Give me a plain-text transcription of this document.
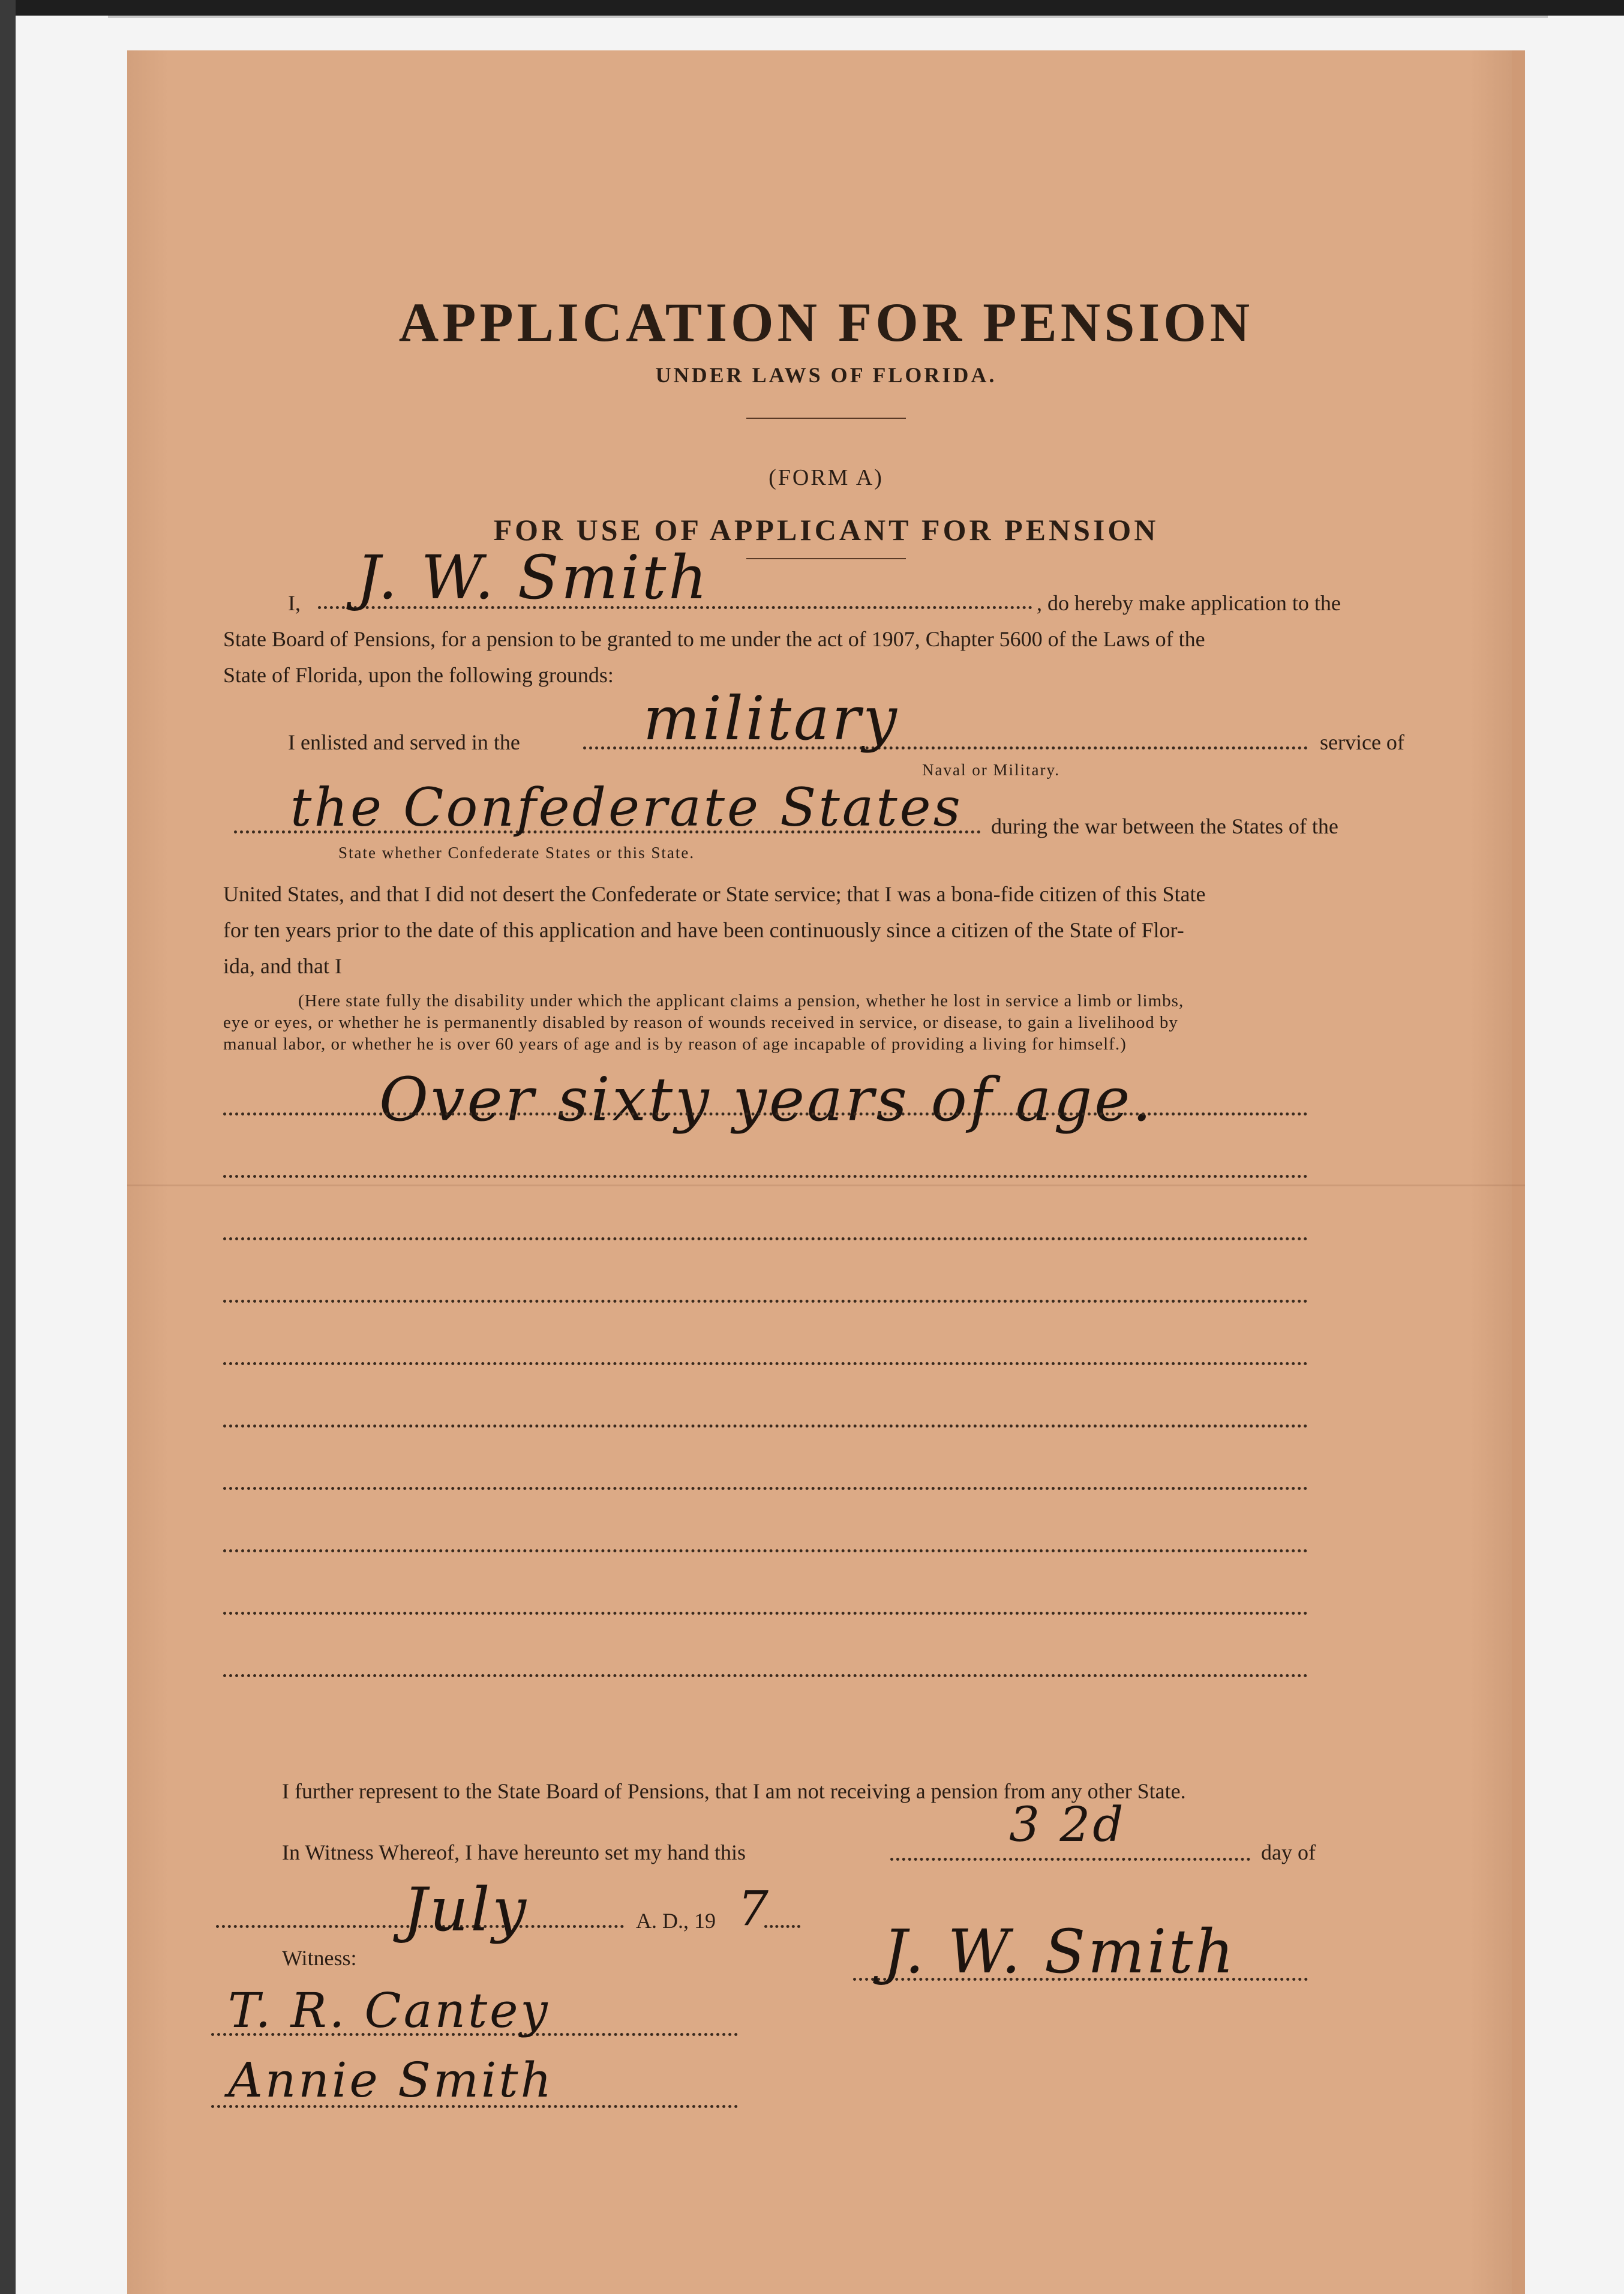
APPLICATION FOR PENSION
UNDER LAWS OF FLORIDA.
(FORM A)
FOR USE OF APPLICANT FOR PENSION
I, J. W. Smith	, do hereby make application to the
State Board of Pensions, for a pension to be granted to me under the act of 1907, Chapter 5600 of the Laws of the
State of Florida, upon the following grounds:
I enlisted and served in the military	service of
Naval or Military.
the Confederate States during the war between the States of the
State whether Confederate States or this State.
United States, and that I did not desert the Confederate or State service; that I was a bona-fide citizen of this State
for ten years prior to the date of this application and have been continuously since a citizen of the State of Flor-
ida, and that I
(Here state fully the disability under which the applicant claims a pension, whether he lost in service a limb or limbs,
eye or eyes, or whether he is permanently disabled by reason of wounds received in service, or disease, to gain a livelihood by
manual labor, or whether he is over 60 years of age and is by reason of age incapable of providing a living for himself.)
Over sixty years of age.
I further represent to the State Board of Pensions, that I am not receiving a pension from any other State.
In Witness Whereof, I have hereunto set my hand this	3 2d	day of
July	A. D., 19 7
Witness:	J. W. Smith
T. R. Cantey
Annie Smith
